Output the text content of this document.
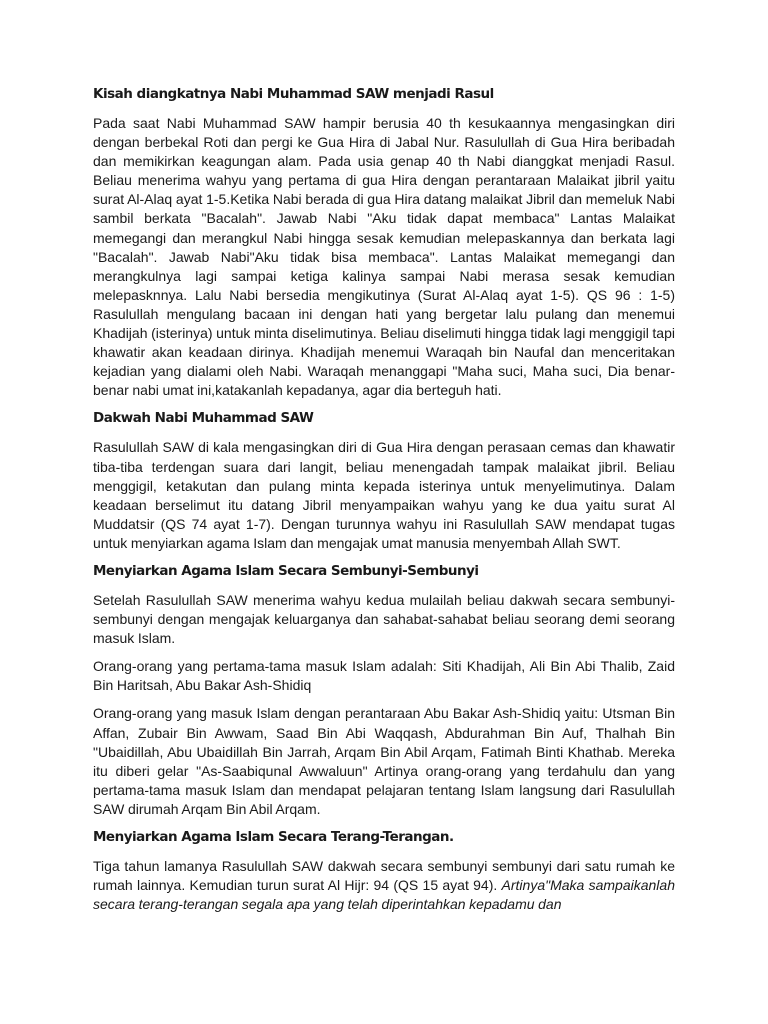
Kisah diangkatnya Nabi Muhammad SAW menjadi Rasul

Pada saat Nabi Muhammad SAW hampir berusia 40 th kesukaannya mengasingkan diri dengan berbekal Roti dan pergi ke Gua Hira di Jabal Nur. Rasulullah di Gua Hira beribadah dan memikirkan keagungan alam. Pada usia genap 40 th Nabi dianggkat menjadi Rasul. Beliau menerima wahyu yang pertama di gua Hira dengan perantaraan Malaikat jibril yaitu surat Al-Alaq ayat 1-5.Ketika Nabi berada di gua Hira datang malaikat Jibril dan memeluk Nabi sambil berkata "Bacalah". Jawab Nabi "Aku tidak dapat membaca" Lantas Malaikat memegangi dan merangkul Nabi hingga sesak kemudian melepaskannya dan berkata lagi "Bacalah". Jawab Nabi"Aku tidak bisa membaca". Lantas Malaikat memegangi dan merangkulnya lagi sampai ketiga kalinya sampai Nabi merasa sesak kemudian melepasknnya. Lalu Nabi bersedia mengikutinya (Surat Al-Alaq ayat 1-5). QS 96 : 1-5) Rasulullah mengulang bacaan ini dengan hati yang bergetar lalu pulang dan menemui Khadijah (isterinya) untuk minta diselimutinya. Beliau diselimuti hingga tidak lagi menggigil tapi khawatir akan keadaan dirinya. Khadijah menemui Waraqah bin Naufal dan menceritakan kejadian yang dialami oleh Nabi. Waraqah menanggapi "Maha suci, Maha suci, Dia benar-benar nabi umat ini,katakanlah kepadanya, agar dia berteguh hati.

Dakwah Nabi Muhammad SAW

Rasulullah SAW di kala mengasingkan diri di Gua Hira dengan perasaan cemas dan khawatir tiba-tiba terdengan suara dari langit, beliau menengadah tampak malaikat jibril. Beliau menggigil, ketakutan dan pulang minta kepada isterinya untuk menyelimutinya. Dalam keadaan berselimut itu datang Jibril menyampaikan wahyu yang ke dua yaitu surat Al Muddatsir (QS 74 ayat 1-7). Dengan turunnya wahyu ini Rasulullah SAW mendapat tugas untuk menyiarkan agama Islam dan mengajak umat manusia menyembah Allah SWT.

Menyiarkan Agama Islam Secara Sembunyi-Sembunyi

Setelah Rasulullah SAW menerima wahyu kedua mulailah beliau dakwah secara sembunyi-sembunyi dengan mengajak keluarganya dan sahabat-sahabat beliau seorang demi seorang masuk Islam.

Orang-orang yang pertama-tama masuk Islam adalah: Siti Khadijah, Ali Bin Abi Thalib, Zaid Bin Haritsah, Abu Bakar Ash-Shidiq

Orang-orang yang masuk Islam dengan perantaraan Abu Bakar Ash-Shidiq yaitu: Utsman Bin Affan, Zubair Bin Awwam, Saad Bin Abi Waqqash, Abdurahman Bin Auf, Thalhah Bin "Ubaidillah, Abu Ubaidillah Bin Jarrah, Arqam Bin Abil Arqam, Fatimah Binti Khathab. Mereka itu diberi gelar "As-Saabiqunal Awwaluun" Artinya orang-orang yang terdahulu dan yang pertama-tama masuk Islam dan mendapat pelajaran tentang Islam langsung dari Rasulullah SAW dirumah Arqam Bin Abil Arqam.

Menyiarkan Agama Islam Secara Terang-Terangan.

Tiga tahun lamanya Rasulullah SAW dakwah secara sembunyi sembunyi dari satu rumah ke rumah lainnya. Kemudian turun surat Al Hijr: 94 (QS 15 ayat 94). Artinya"Maka sampaikanlah secara terang-terangan segala apa yang telah diperintahkan kepadamu dan
